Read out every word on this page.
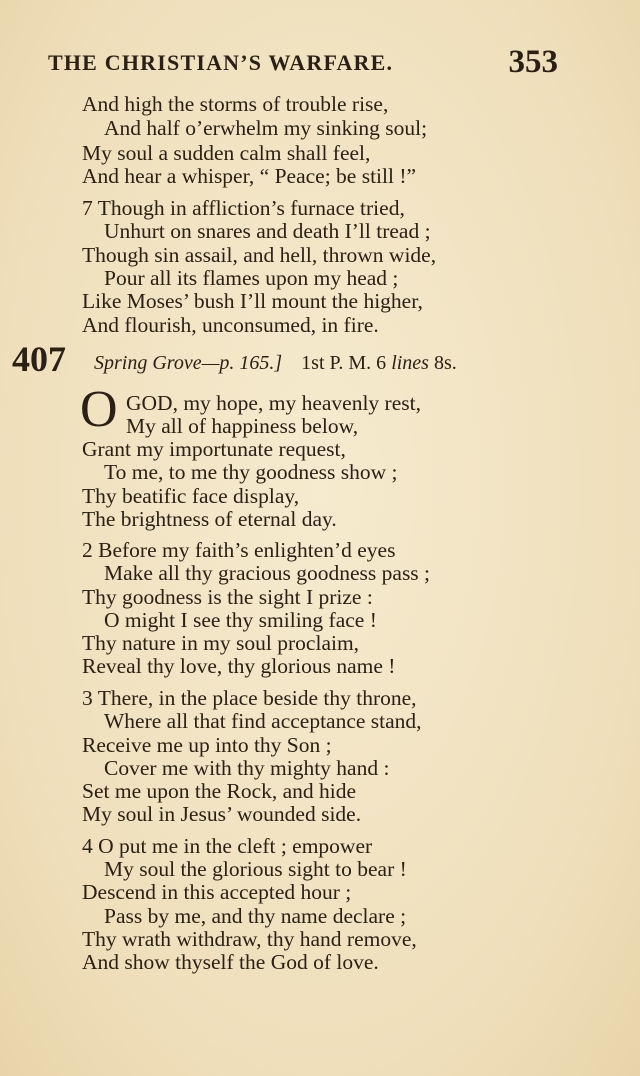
THE CHRISTIAN’S WARFARE.	353
And high the storms of trouble rise,
And half o’erwhelm my sinking soul;
My soul a sudden calm shall feel,
And hear a whisper, “ Peace; be still !”
7 Though in affliction’s furnace tried,
Unhurt on snares and death I’ll tread ;
Though sin assail, and hell, thrown wide,
Pour all its flames upon my head ;
Like Moses’ bush I’ll mount the higher,
And flourish, unconsumed, in fire.
407 Spring Grove—p. 165.] 1st P. M. 6 lines 8s.
O GOD, my hope, my heavenly rest,
My all of happiness below,
Grant my importunate request,
To me, to me thy goodness show ;
Thy beatific face display,
The brightness of eternal day.
2 Before my faith’s enlighten’d eyes
Make all thy gracious goodness pass ;
Thy goodness is the sight I prize :
O might I see thy smiling face !
Thy nature in my soul proclaim,
Reveal thy love, thy glorious name !
3 There, in the place beside thy throne,
Where all that find acceptance stand,
Receive me up into thy Son ;
Cover me with thy mighty hand :
Set me upon the Rock, and hide
My soul in Jesus’ wounded side.
4 O put me in the cleft ; empower
My soul the glorious sight to bear !
Descend in this accepted hour ;
Pass by me, and thy name declare ;
Thy wrath withdraw, thy hand remove,
And show thyself the God of love.
